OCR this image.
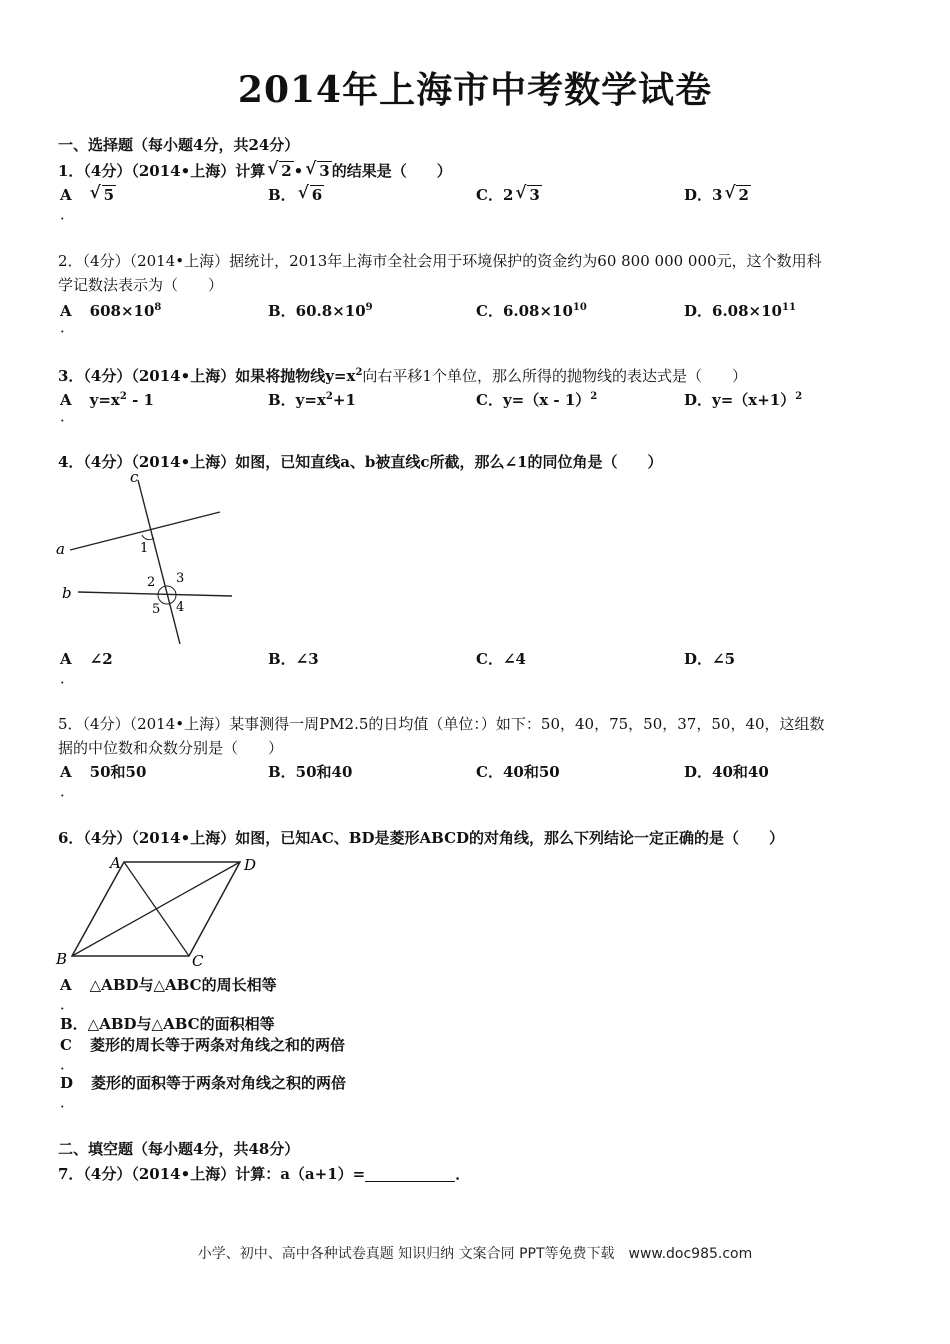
2014年上海市中考数学试卷
一、选择题（每小题4分，共24分）
1．（4分）（2014•上海）计算 √ 2 • √ 3 的结果是（　　）
A √ 5
．
B． √ 6	C．2 √ 3	D．3 √ 2
2．（4分）（2014•上海）据统计，2013年上海市全社会用于环境保护的资金约为60 800 000 000元，这个数用科
学记数法表示为（　　）
A $608\times 10^8$
．
B．$60.8\times 10^9$	C．$6.08\times 10^{10}$	D．$6.08\times 10^{11}$
3．（4分）（2014•上海）如果将抛物线$y=x^2$向右平移1个单位，那么所得的抛物线的表达式是（　　）
A $y=x^2 - 1$
．
B．$y=x^2+1$	C．y=（x - 1）$^2$	D．$y=(x+1)^2$
4．（4分）（2014•上海）如图，已知直线a、b被直线c所截，那么∠1的同位角是（　　）
c
a
b
1
2 3
4
5
A ∠2
．
B．∠3	C．∠4	D．∠5
5．（4分）（2014•上海）某事测得一周PM2.5的日均值（单位：）如下：50，40，75，50，37，50，40，这组数
据的中位数和众数分别是（　　）
A 50和50
．
B．50和40	C．40和50	D．40和40
6．（4分）（2014•上海）如图，已知AC、BD是菱形ABCD的对角线，那么下列结论一定正确的是（　　）
A	D
B	C
A △ABD与△ABC的周长相等
．
B．△ABD与△ABC的面积相等
C 菱形的周长等于两条对角线之和的两倍
．
D 菱形的面积等于两条对角线之积的两倍
．
二、填空题（每小题4分，共48分）
7．（4分）（2014•上海）计算：a（a+1）=	．
小学、初中、高中各种试卷真题 知识归纳 文案合同 PPT等免费下载　www.doc985.com
